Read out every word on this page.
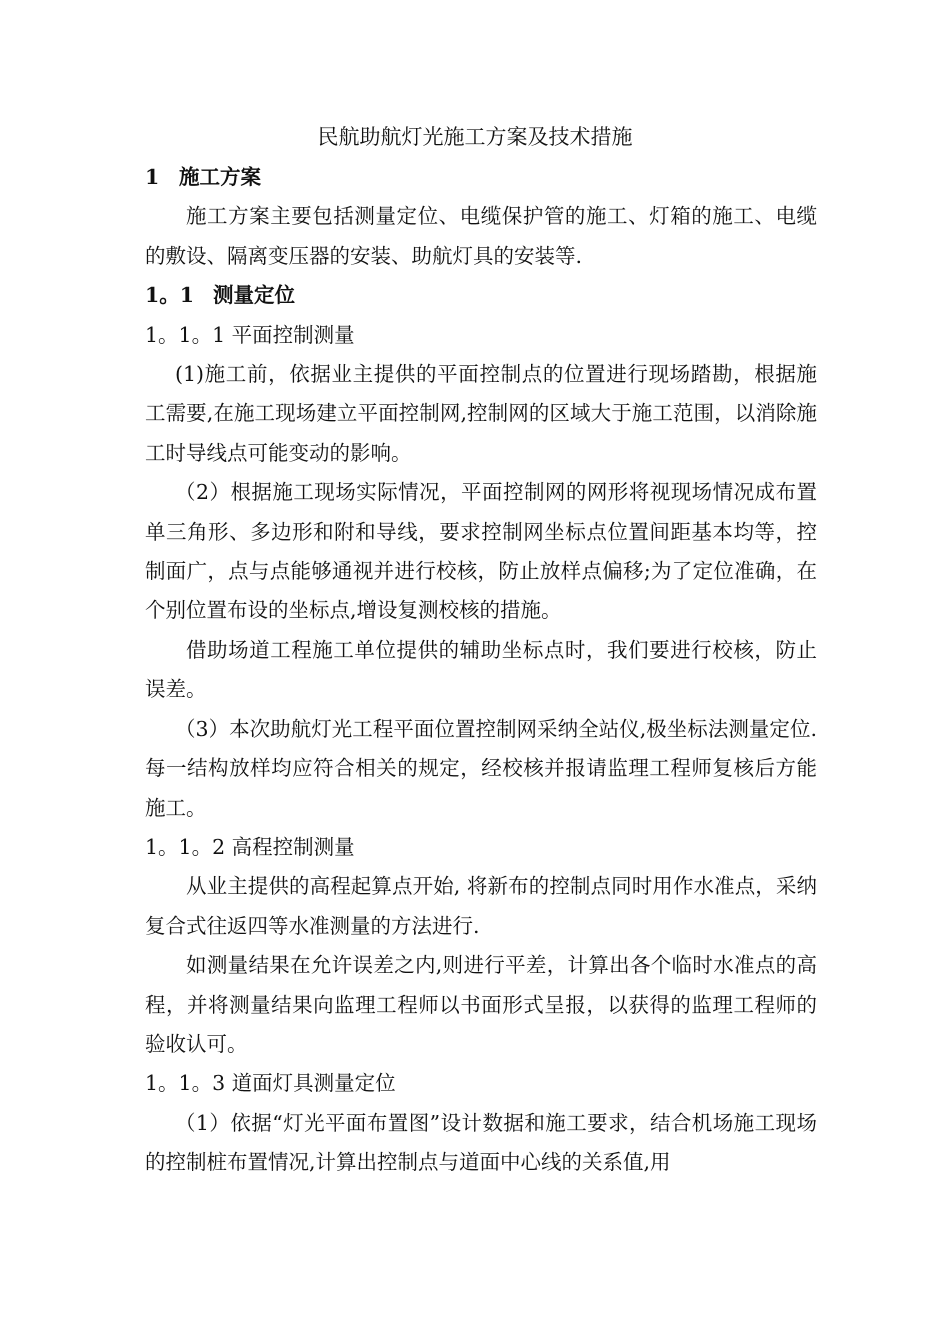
民航助航灯光施工方案及技术措施
1 施工方案

施工方案主要包括测量定位、电缆保护管的施工、灯箱的施工、电缆的敷设、隔离变压器的安装、助航灯具的安装等.

1。1 测量定位
1。1。1 平面控制测量

(1)施工前，依据业主提供的平面控制点的位置进行现场踏勘，根据施工需要,在施工现场建立平面控制网,控制网的区域大于施工范围，以消除施工时导线点可能变动的影响。

（2）根据施工现场实际情况，平面控制网的网形将视现场情况成布置单三角形、多边形和附和导线，要求控制网坐标点位置间距基本均等，控制面广，点与点能够通视并进行校核，防止放样点偏移;为了定位准确，在个别位置布设的坐标点,增设复测校核的措施。

借助场道工程施工单位提供的辅助坐标点时，我们要进行校核，防止误差。

（3）本次助航灯光工程平面位置控制网采纳全站仪,极坐标法测量定位.每一结构放样均应符合相关的规定，经校核并报请监理工程师复核后方能施工。

1。1。2 高程控制测量

从业主提供的高程起算点开始, 将新布的控制点同时用作水准点，采纳复合式往返四等水准测量的方法进行.

如测量结果在允许误差之内,则进行平差，计算出各个临时水准点的高程，并将测量结果向监理工程师以书面形式呈报，以获得的监理工程师的验收认可。

1。1。3 道面灯具测量定位

（1）依据“灯光平面布置图”设计数据和施工要求，结合机场施工现场的控制桩布置情况,计算出控制点与道面中心线的关系值,用
